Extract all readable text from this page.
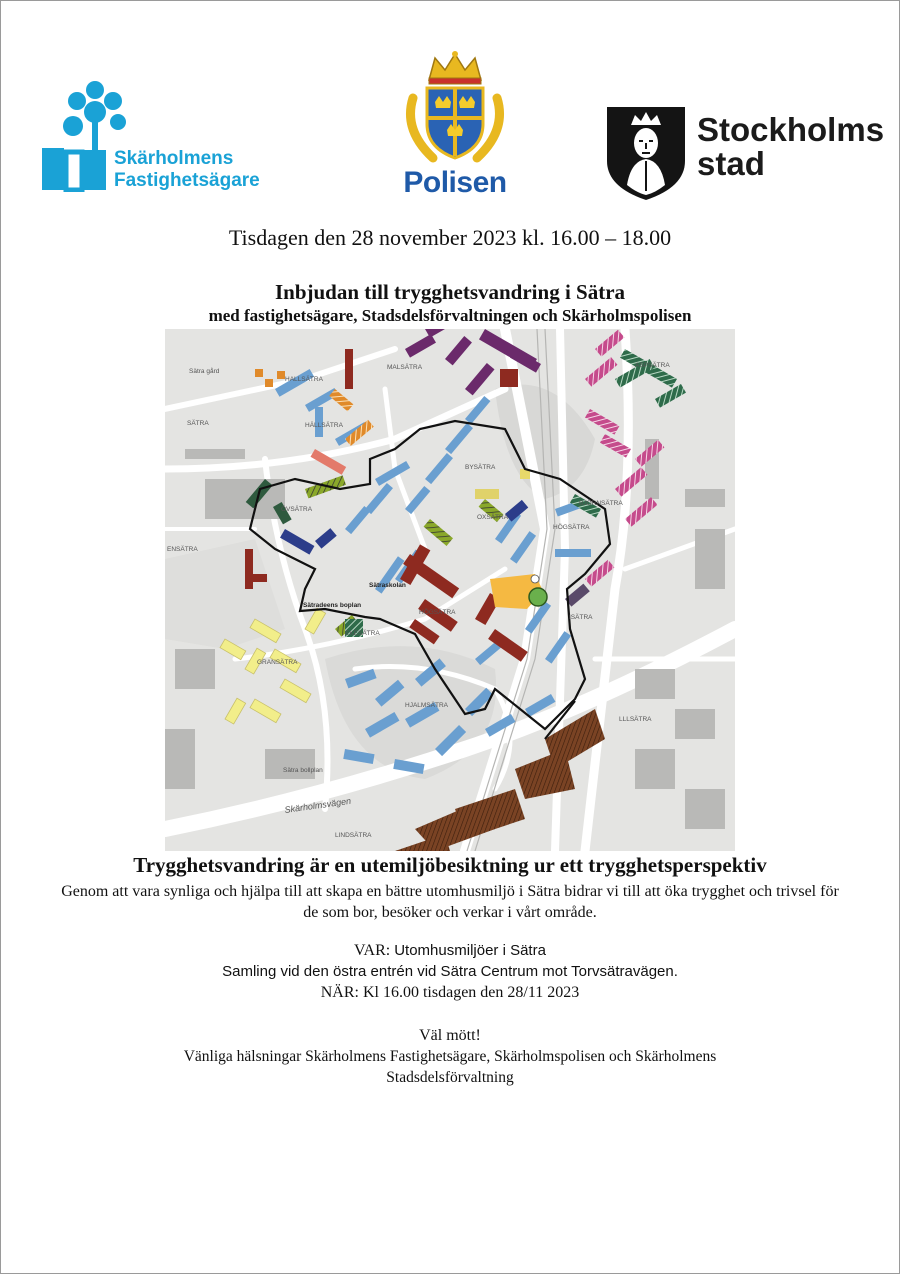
Skärholmens
Fastighetsägare	Polisen
Stockholms
stad
Tisdagen den 28 november 2023 kl. 16.00 – 18.00
Inbjudan till trygghetsvandring i Sätra
med fastighetsägare, Stadsdelsförvaltningen och Skärholmspolisen
HALLSÄTRA
MALSÄTRA	ASPSÄTRA
HÄLLSÄTRA
SÄTRA
BYSÄTRA
ÖVSÄTRA
ENSÄTRA
OXSÄTRA
HÖGSÄTRA
HÖGSÄTRA
Sätraskolan
Sätradeens boplan
GRANSÄTRA
HJALMSÄTRA
LLLSÄTRA
Skärholmsvägen
LINDSÄTRA
Sätra gård
BJÖRNSÄTRA
ISÄTRA
Sätra bollplan
EKESÄTRA
Trygghetsvandring är en utemiljöbesiktning ur ett trygghetsperspektiv
Genom att vara synliga och hjälpa till att skapa en bättre utomhusmiljö i Sätra bidrar vi till att öka trygghet och trivsel för de som bor, besöker och verkar i vårt område.
VAR: Utomhusmiljöer i Sätra
Samling vid den östra entrén vid Sätra Centrum mot Torvsätravägen.
NÄR: Kl 16.00 tisdagen den 28/11 2023
Väl mött!
Vänliga hälsningar Skärholmens Fastighetsägare, Skärholmspolisen och Skärholmens
Stadsdelsförvaltning
